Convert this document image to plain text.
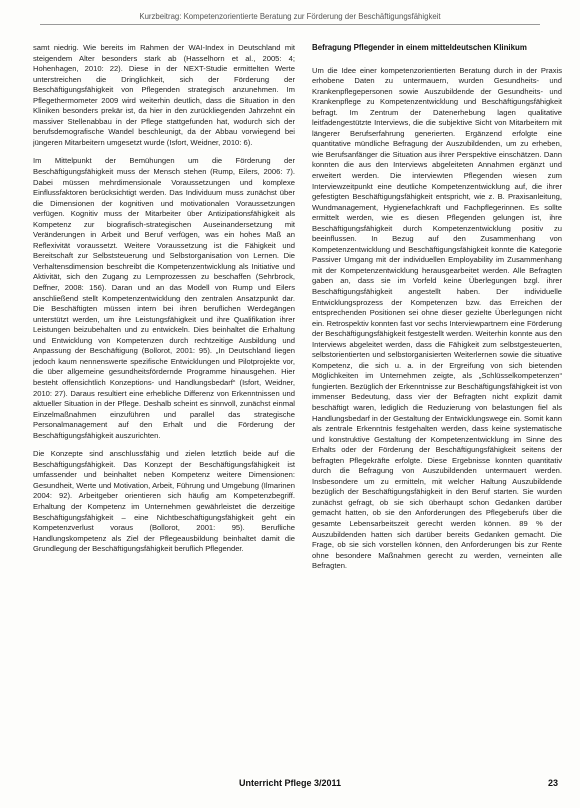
Kurzbeitrag: Kompetenzorientierte Beratung zur Förderung der Beschäftigungsfähigkeit

samt niedrig. Wie bereits im Rahmen der WAI-Index in Deutschland mit steigendem Alter besonders stark ab (Hasselhorn et al., 2005: 4; Hohenhagen, 2010: 22). Diese in der NEXT-Studie ermittelten Werte unterstreichen die Dringlichkeit, sich der Förderung der Beschäftigungsfähigkeit von Pflegenden strategisch anzunehmen. Im Pflegethermometer 2009 wird weiterhin deutlich, dass die Situation in den Kliniken besonders prekär ist, da hier in den zurückliegenden Jahrzehnt ein massiver Stellenabbau in der Pflege stattgefunden hat, wodurch sich der berufsdemografische Wandel beschleunigt, da der Abbau vorwiegend bei jüngeren Mitarbeitern umgesetzt wurde (Isfort, Weidner, 2010: 6).

Im Mittelpunkt der Bemühungen um die Förderung der Beschäftigungsfähigkeit muss der Mensch stehen (Rump, Eilers, 2006: 7). Dabei müssen mehrdimensionale Voraussetzungen und komplexe Einflussfaktoren berücksichtigt werden. Das Individuum muss zunächst über die Dimensionen der kognitiven und motivationalen Voraussetzungen verfügen. Kognitiv muss der Mitarbeiter über Antizipationsfähigkeit als Kompetenz zur biografisch-strategischen Auseinandersetzung mit Veränderungen in Arbeit und Beruf verfügen, was ein hohes Maß an Reflexivität voraussetzt. Weitere Voraussetzung ist die Fähigkeit und Bereitschaft zur Selbststeuerung und Selbstorganisation von Lernen. Die Verhaltensdimension beschreibt die Kompetenzentwicklung als Initiative und Aktivität, sich den Zugang zu Lernprozessen zu beschaffen (Sehrbrock, Deffner, 2008: 156). Daran und an das Modell von Rump und Eilers anschließend stellt Kompetenzentwicklung den zentralen Ansatzpunkt dar. Die Beschäftigten müssen intern bei ihren beruflichen Werdegängen unterstützt werden, um ihre Leistungsfähigkeit und ihre Qualifikation ihrer Leistungen beizubehalten und zu entwickeln. Dies beinhaltet die Erhaltung und Entwicklung von Kompetenzen durch rechtzeitige Ausbildung und Anpassung der Beschäftigung (Bollorot, 2001: 95). „In Deutschland liegen jedoch kaum nennenswerte spezifische Entwicklungen und Pilotprojekte vor, die über allgemeine gesundheitsfördernde Programme hinausgehen. Hier besteht offensichtlich Konzeptions- und Handlungsbedarf“ (Isfort, Weidner, 2010: 27). Daraus resultiert eine erhebliche Differenz von Erkenntnissen und aktueller Situation in der Pflege. Deshalb scheint es sinnvoll, zunächst einmal Einzelmaßnahmen einzuführen und parallel das strategische Personalmanagement auf den Erhalt und die Förderung der Beschäftigungsfähigkeit auszurichten.

Die Konzepte sind anschlussfähig und zielen letztlich beide auf die Beschäftigungsfähigkeit. Das Konzept der Beschäftigungsfähigkeit ist umfassender und beinhaltet neben Kompetenz weitere Dimensionen: Gesundheit, Werte und Motivation, Arbeit, Führung und Umgebung (Ilmarinen 2004: 92). Arbeitgeber orientieren sich häufig am Kompetenzbegriff. Erhaltung der Kompetenz im Unternehmen gewährleistet die derzeitige Beschäftigungsfähigkeit – eine Nichtbeschäftigungsfähigkeit geht ein Kompetenzverlust voraus (Bollorot, 2001: 95). Berufliche Handlungskompetenz als Ziel der Pflegeausbildung beinhaltet damit die Grundlegung der Beschäftigungsfähigkeit beruflich Pflegender.

Befragung Pflegender in einem mitteldeutschen Klinikum

Um die Idee einer kompetenzorientierten Beratung durch in der Praxis erhobene Daten zu untermauern, wurden Gesundheits- und Krankenpflegepersonen sowie Auszubildende der Gesundheits- und Krankenpflege zu Kompetenzentwicklung und Beschäftigungsfähigkeit befragt. Im Zentrum der Datenerhebung lagen qualitative leitfadengestützte Interviews, die die subjektive Sicht von Mitarbeitern mit längerer Berufserfahrung generierten. Ergänzend erfolgte eine quantitative mündliche Befragung der Auszubildenden, um zu erheben, wie Berufsanfänger die Situation aus ihrer Perspektive einschätzen. Dann konnten die aus den Interviews abgeleiteten Annahmen ergänzt und erweitert werden. Die interviewten Pflegenden wiesen zum Interviewzeitpunkt eine deutliche Kompetenzentwicklung auf, die ihrer gefestigten Beschäftigungsfähigkeit entspricht, wie z. B. Praxisanleitung, Wundmanagement, Hygienefachkraft und Fachpflegerinnen. Es sollte ermittelt werden, wie es diesen Pflegenden gelungen ist, ihre Beschäftigungsfähigkeit durch Kompetenzentwicklung positiv zu beeinflussen. In Bezug auf den Zusammenhang von Kompetenzentwicklung und Beschäftigungsfähigkeit konnte die Kategorie Passiver Umgang mit der individuellen Employability im Zusammenhang mit der Kompetenzentwicklung herausgearbeitet werden. Alle Befragten gaben an, dass sie im Vorfeld keine Überlegungen bzgl. ihrer Beschäftigungsfähigkeit angestellt haben. Der individuelle Entwicklungsprozess der Kompetenzen bzw. das Erreichen der entsprechenden Positionen sei ohne dieser gezielte Überlegungen nicht ein. Retrospektiv konnten fast vor sechs Interviewpartnern eine Förderung der Beschäftigungsfähigkeit festgestellt werden. Weiterhin konnte aus den Interviews abgeleitet werden, dass die Fähigkeit zum selbstgesteuerten, selbstorientierten und selbstorganisierten Weiterlernen sowie die situative Kompetenz, die sich u. a. in der Ergreifung von sich bietenden Möglichkeiten im Unternehmen zeigte, als „Schlüsselkompetenzen“ fungierten. Bezüglich der Erkenntnisse zur Beschäftigungsfähigkeit ist von immenser Bedeutung, dass vier der Befragten nicht explizit damit beschäftigt waren, lediglich die Reduzierung von belastungen fiel als Handlungsbedarf in der Gestaltung der Entwicklungswege ein. Somit kann als zentrale Erkenntnis festgehalten werden, dass keine systematische und konstruktive Gestaltung der Kompetenzentwicklung im Sinne des Erhalts oder der Förderung der Beschäftigungsfähigkeit seitens der befragten Pflegekräfte erfolgte. Diese Ergebnisse konnten quantitativ durch die Befragung von Auszubildenden untermauert werden. Insbesondere um zu ermitteln, mit welcher Haltung Auszubildende bezüglich der Beschäftigungsfähigkeit in den Beruf starten. Sie wurden zunächst gefragt, ob sie sich überhaupt schon Gedanken darüber gemacht hatten, ob sie den Anforderungen des Pflegeberufs über die gesamte Lebensarbeitszeit gerecht werden können. 89 % der Auszubildenden hatten sich darüber bereits Gedanken gemacht. Die Frage, ob sie sich vorstellen können, den Anforderungen bis zur Rente ohne besondere Maßnahmen gerecht zu werden, verneinten alle Befragten.

Unterricht Pflege 3/2011	23
